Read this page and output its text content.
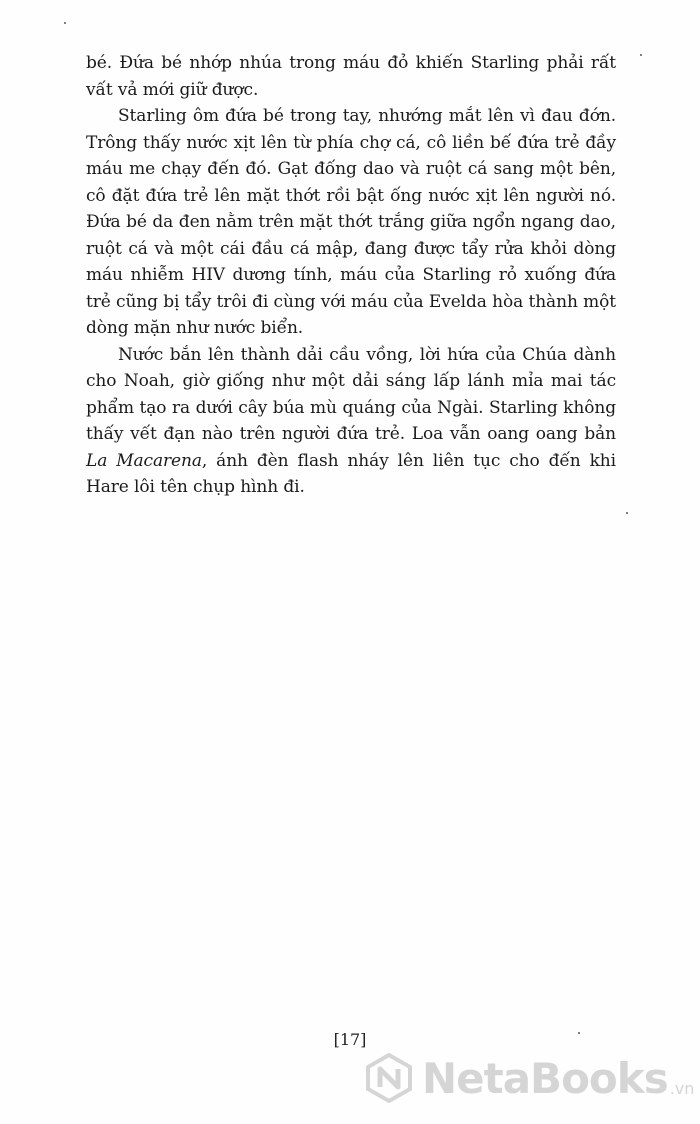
bé. Đứa bé nhớp nhúa trong máu đỏ khiến Starling phải rất vất vả mới giữ được.

Starling ôm đứa bé trong tay, nhướng mắt lên vì đau đớn. Trông thấy nước xịt lên từ phía chợ cá, cô liền bế đứa trẻ đầy máu me chạy đến đó. Gạt đống dao và ruột cá sang một bên, cô đặt đứa trẻ lên mặt thớt rồi bật ống nước xịt lên người nó. Đứa bé da đen nằm trên mặt thớt trắng giữa ngổn ngang dao, ruột cá và một cái đầu cá mập, đang được tẩy rửa khỏi dòng máu nhiễm HIV dương tính, máu của Starling rỏ xuống đứa trẻ cũng bị tẩy trôi đi cùng với máu của Evelda hòa thành một dòng mặn như nước biển.

Nước bắn lên thành dải cầu vồng, lời hứa của Chúa dành cho Noah, giờ giống như một dải sáng lấp lánh mỉa mai tác phẩm tạo ra dưới cây búa mù quáng của Ngài. Starling không thấy vết đạn nào trên người đứa trẻ. Loa vẫn oang oang bản La Macarena, ánh đèn flash nháy lên liên tục cho đến khi Hare lôi tên chụp hình đi.

[17]
NetaBooks .vn
